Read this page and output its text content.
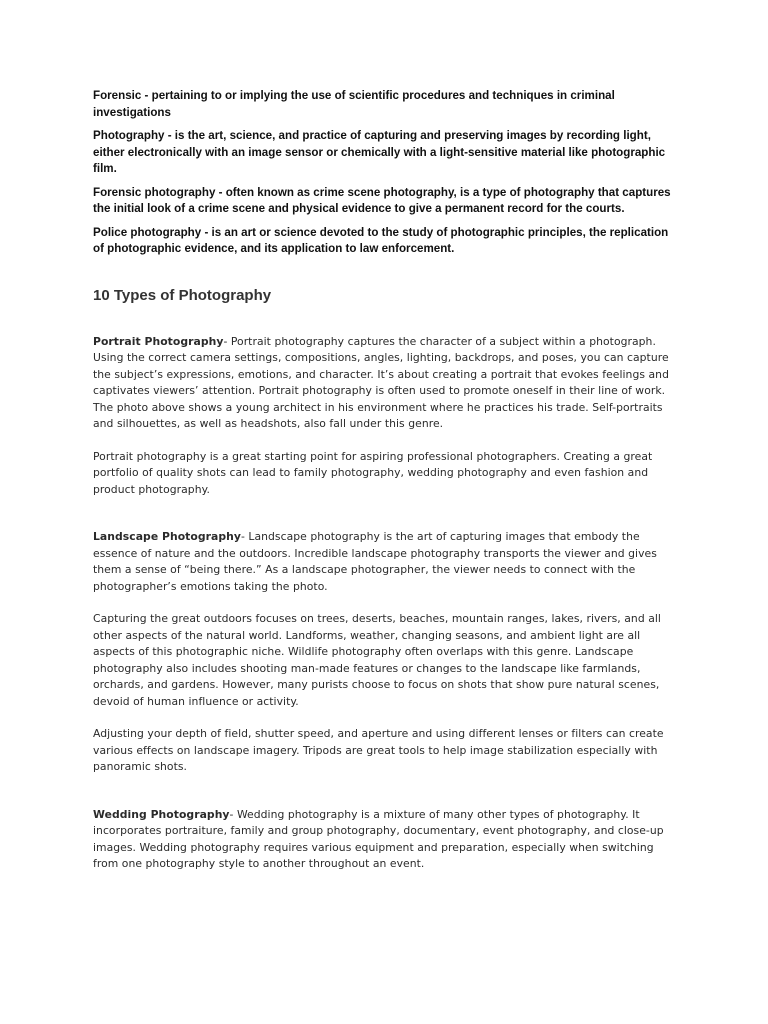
Forensic - pertaining to or implying the use of scientific procedures and techniques in criminal investigations

Photography - is the art, science, and practice of capturing and preserving images by recording light, either electronically with an image sensor or chemically with a light-sensitive material like photographic film.

Forensic photography - often known as crime scene photography, is a type of photography that captures the initial look of a crime scene and physical evidence to give a permanent record for the courts.

Police photography - is an art or science devoted to the study of photographic principles, the replication of photographic evidence, and its application to law enforcement.

10 Types of Photography

Portrait Photography- Portrait photography captures the character of a subject within a photograph. Using the correct camera settings, compositions, angles, lighting, backdrops, and poses, you can capture the subject’s expressions, emotions, and character. It’s about creating a portrait that evokes feelings and captivates viewers’ attention. Portrait photography is often used to promote oneself in their line of work. The photo above shows a young architect in his environment where he practices his trade. Self-portraits and silhouettes, as well as headshots, also fall under this genre.

Portrait photography is a great starting point for aspiring professional photographers. Creating a great portfolio of quality shots can lead to family photography, wedding photography and even fashion and product photography.

Landscape Photography- Landscape photography is the art of capturing images that embody the essence of nature and the outdoors. Incredible landscape photography transports the viewer and gives them a sense of “being there.” As a landscape photographer, the viewer needs to connect with the photographer’s emotions taking the photo.

Capturing the great outdoors focuses on trees, deserts, beaches, mountain ranges, lakes, rivers, and all other aspects of the natural world. Landforms, weather, changing seasons, and ambient light are all aspects of this photographic niche. Wildlife photography often overlaps with this genre. Landscape photography also includes shooting man-made features or changes to the landscape like farmlands, orchards, and gardens. However, many purists choose to focus on shots that show pure natural scenes, devoid of human influence or activity.

Adjusting your depth of field, shutter speed, and aperture and using different lenses or filters can create various effects on landscape imagery. Tripods are great tools to help image stabilization especially with panoramic shots.

Wedding Photography- Wedding photography is a mixture of many other types of photography. It incorporates portraiture, family and group photography, documentary, event photography, and close-up images. Wedding photography requires various equipment and preparation, especially when switching from one photography style to another throughout an event.
